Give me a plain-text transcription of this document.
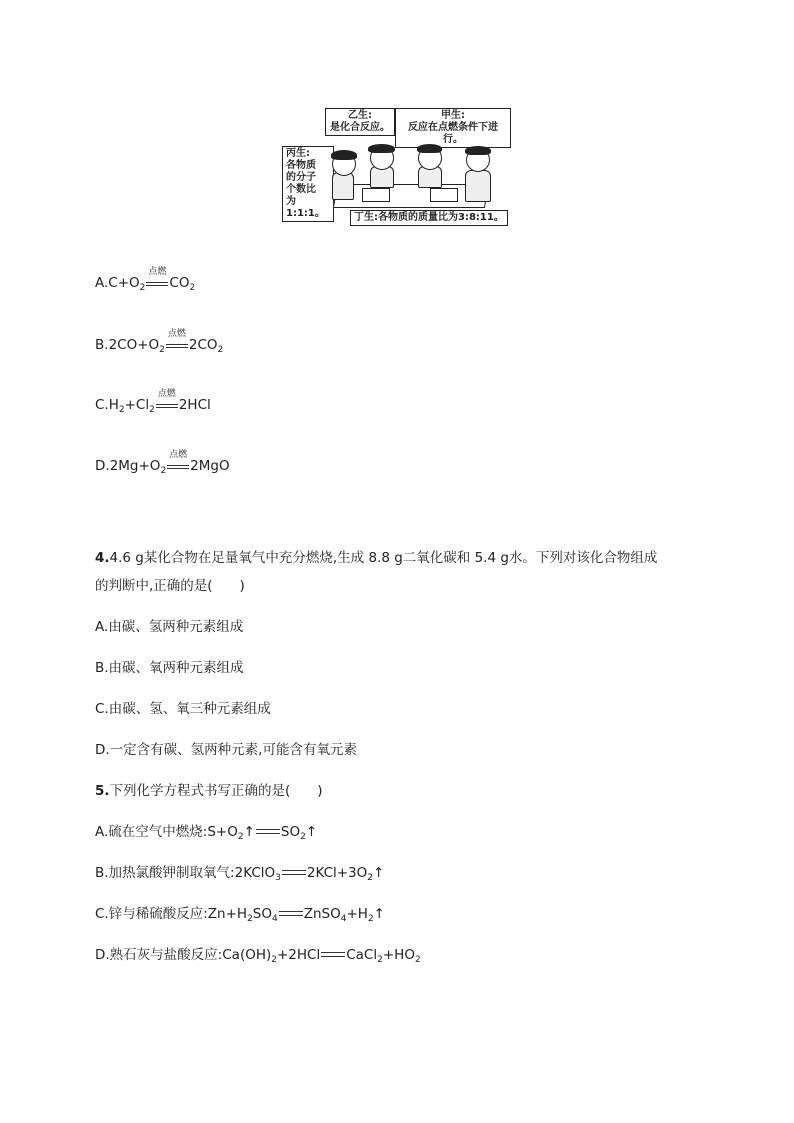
乙生:
是化合反应。
甲生:
反应在点燃条件下进行。
丙生:
各物质
的分子
个数比
为1:1:1。	丁生:各物质的质量比为3:8:11。
$A.C+O_2$
点燃
$CO_2$
$B.2CO+O_2$
点燃
$2CO_2$
$C.H_2+Cl_2$
点燃
2HCl
$D.2Mg+O_2$
点燃
2MgO
4.4.6 g某化合物在足量氧气中充分燃烧,生成 8.8 g二氧化碳和 5.4 g水。下列对该化合物组成
的判断中,正确的是(　　)
A.由碳、氢两种元素组成
B.由碳、氧两种元素组成
C.由碳、氢、氧三种元素组成
D.一定含有碳、氢两种元素,可能含有氧元素
5.下列化学方程式书写正确的是(　　)
A.硫在空气中燃烧$:S+O_2↑$ $SO_2↑$
B.加热氯酸钾制取氧气:2KClO$_3$ $2KCl+3O_2↑$
C.锌与稀硫酸反应$:Zn+H_2SO_4$ $ZnSO_4+H_2↑$
D.熟石灰与盐酸反应$:Ca(OH)_2+2HCl$ $CaCl_2+HO_2$
